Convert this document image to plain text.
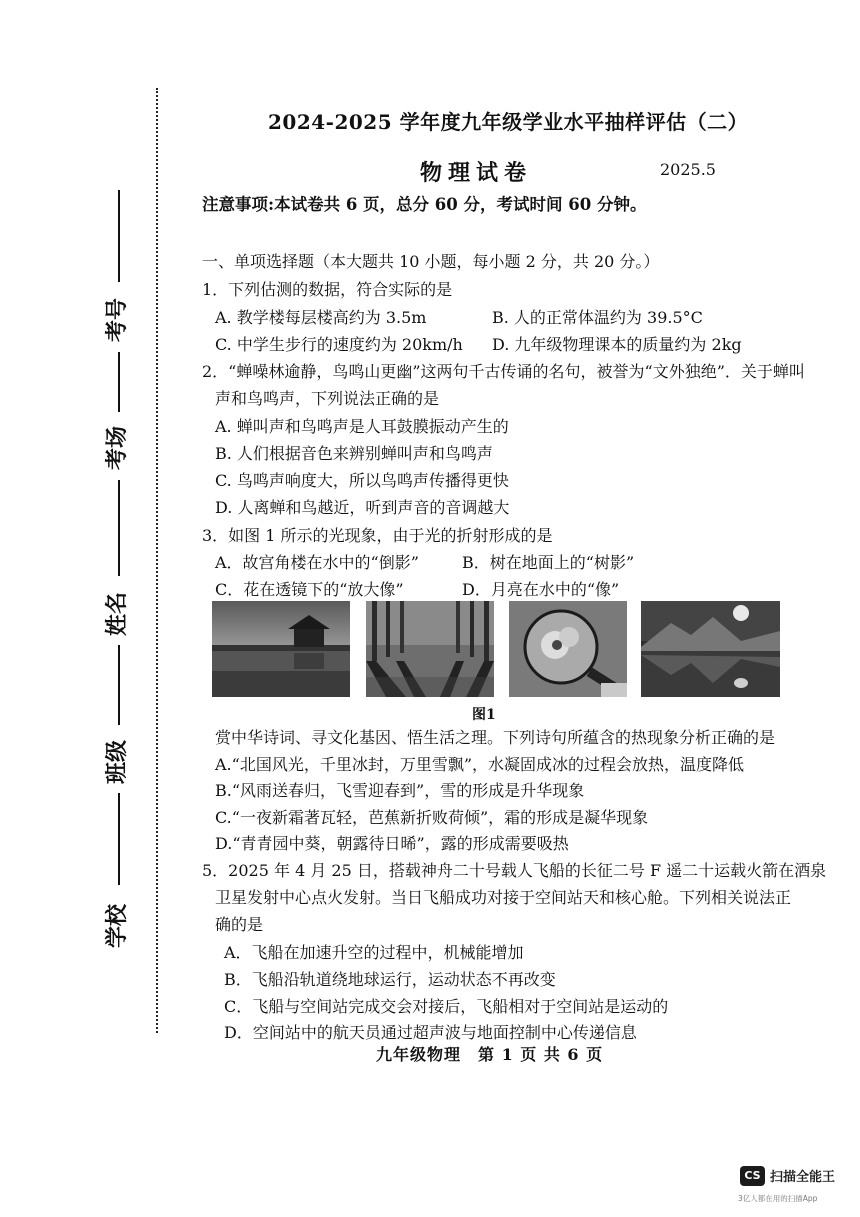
考号
考场
姓名
班级
学校
2024-2025 学年度九年级学业水平抽样评估（二）
物理试卷	2025.5
注意事项:本试卷共 6 页，总分 60 分，考试时间 60 分钟。
一、单项选择题（本大题共 10 小题，每小题 2 分，共 20 分。）
1．下列估测的数据，符合实际的是
A. 教学楼每层楼高约为 3.5m	B. 人的正常体温约为 39.5°C
C. 中学生步行的速度约为 20km/h D. 九年级物理课本的质量约为 2kg
2．“蝉噪林逾静，鸟鸣山更幽”这两句千古传诵的名句，被誉为“文外独绝”．关于蝉叫
声和鸟鸣声，下列说法正确的是
A. 蝉叫声和鸟鸣声是人耳鼓膜振动产生的
B. 人们根据音色来辨别蝉叫声和鸟鸣声
C. 鸟鸣声响度大，所以鸟鸣声传播得更快
D. 人离蝉和鸟越近，听到声音的音调越大
3．如图 1 所示的光现象，由于光的折射形成的是
A．故宫角楼在水中的“倒影”	B．树在地面上的“树影”
C．花在透镜下的“放大像”	D．月亮在水中的“像”
图1
赏中华诗词、寻文化基因、悟生活之理。下列诗句所蕴含的热现象分析正确的是
A.“北国风光，千里冰封，万里雪飘”，水凝固成冰的过程会放热，温度降低
B.“风雨送春归，飞雪迎春到”，雪的形成是升华现象
C.“一夜新霜著瓦轻，芭蕉新折败荷倾”，霜的形成是凝华现象
D.“青青园中葵，朝露待日晞”，露的形成需要吸热
5．2025 年 4 月 25 日，搭载神舟二十号载人飞船的长征二号 F 遥二十运载火箭在酒泉
卫星发射中心点火发射。当日飞船成功对接于空间站天和核心舱。下列相关说法正
确的是
A．飞船在加速升空的过程中，机械能增加
B．飞船沿轨道绕地球运行，运动状态不再改变
C．飞船与空间站完成交会对接后，飞船相对于空间站是运动的
D．空间站中的航天员通过超声波与地面控制中心传递信息
九年级物理　第 1 页 共 6 页
CS 扫描全能王
3亿人都在用的扫描App
